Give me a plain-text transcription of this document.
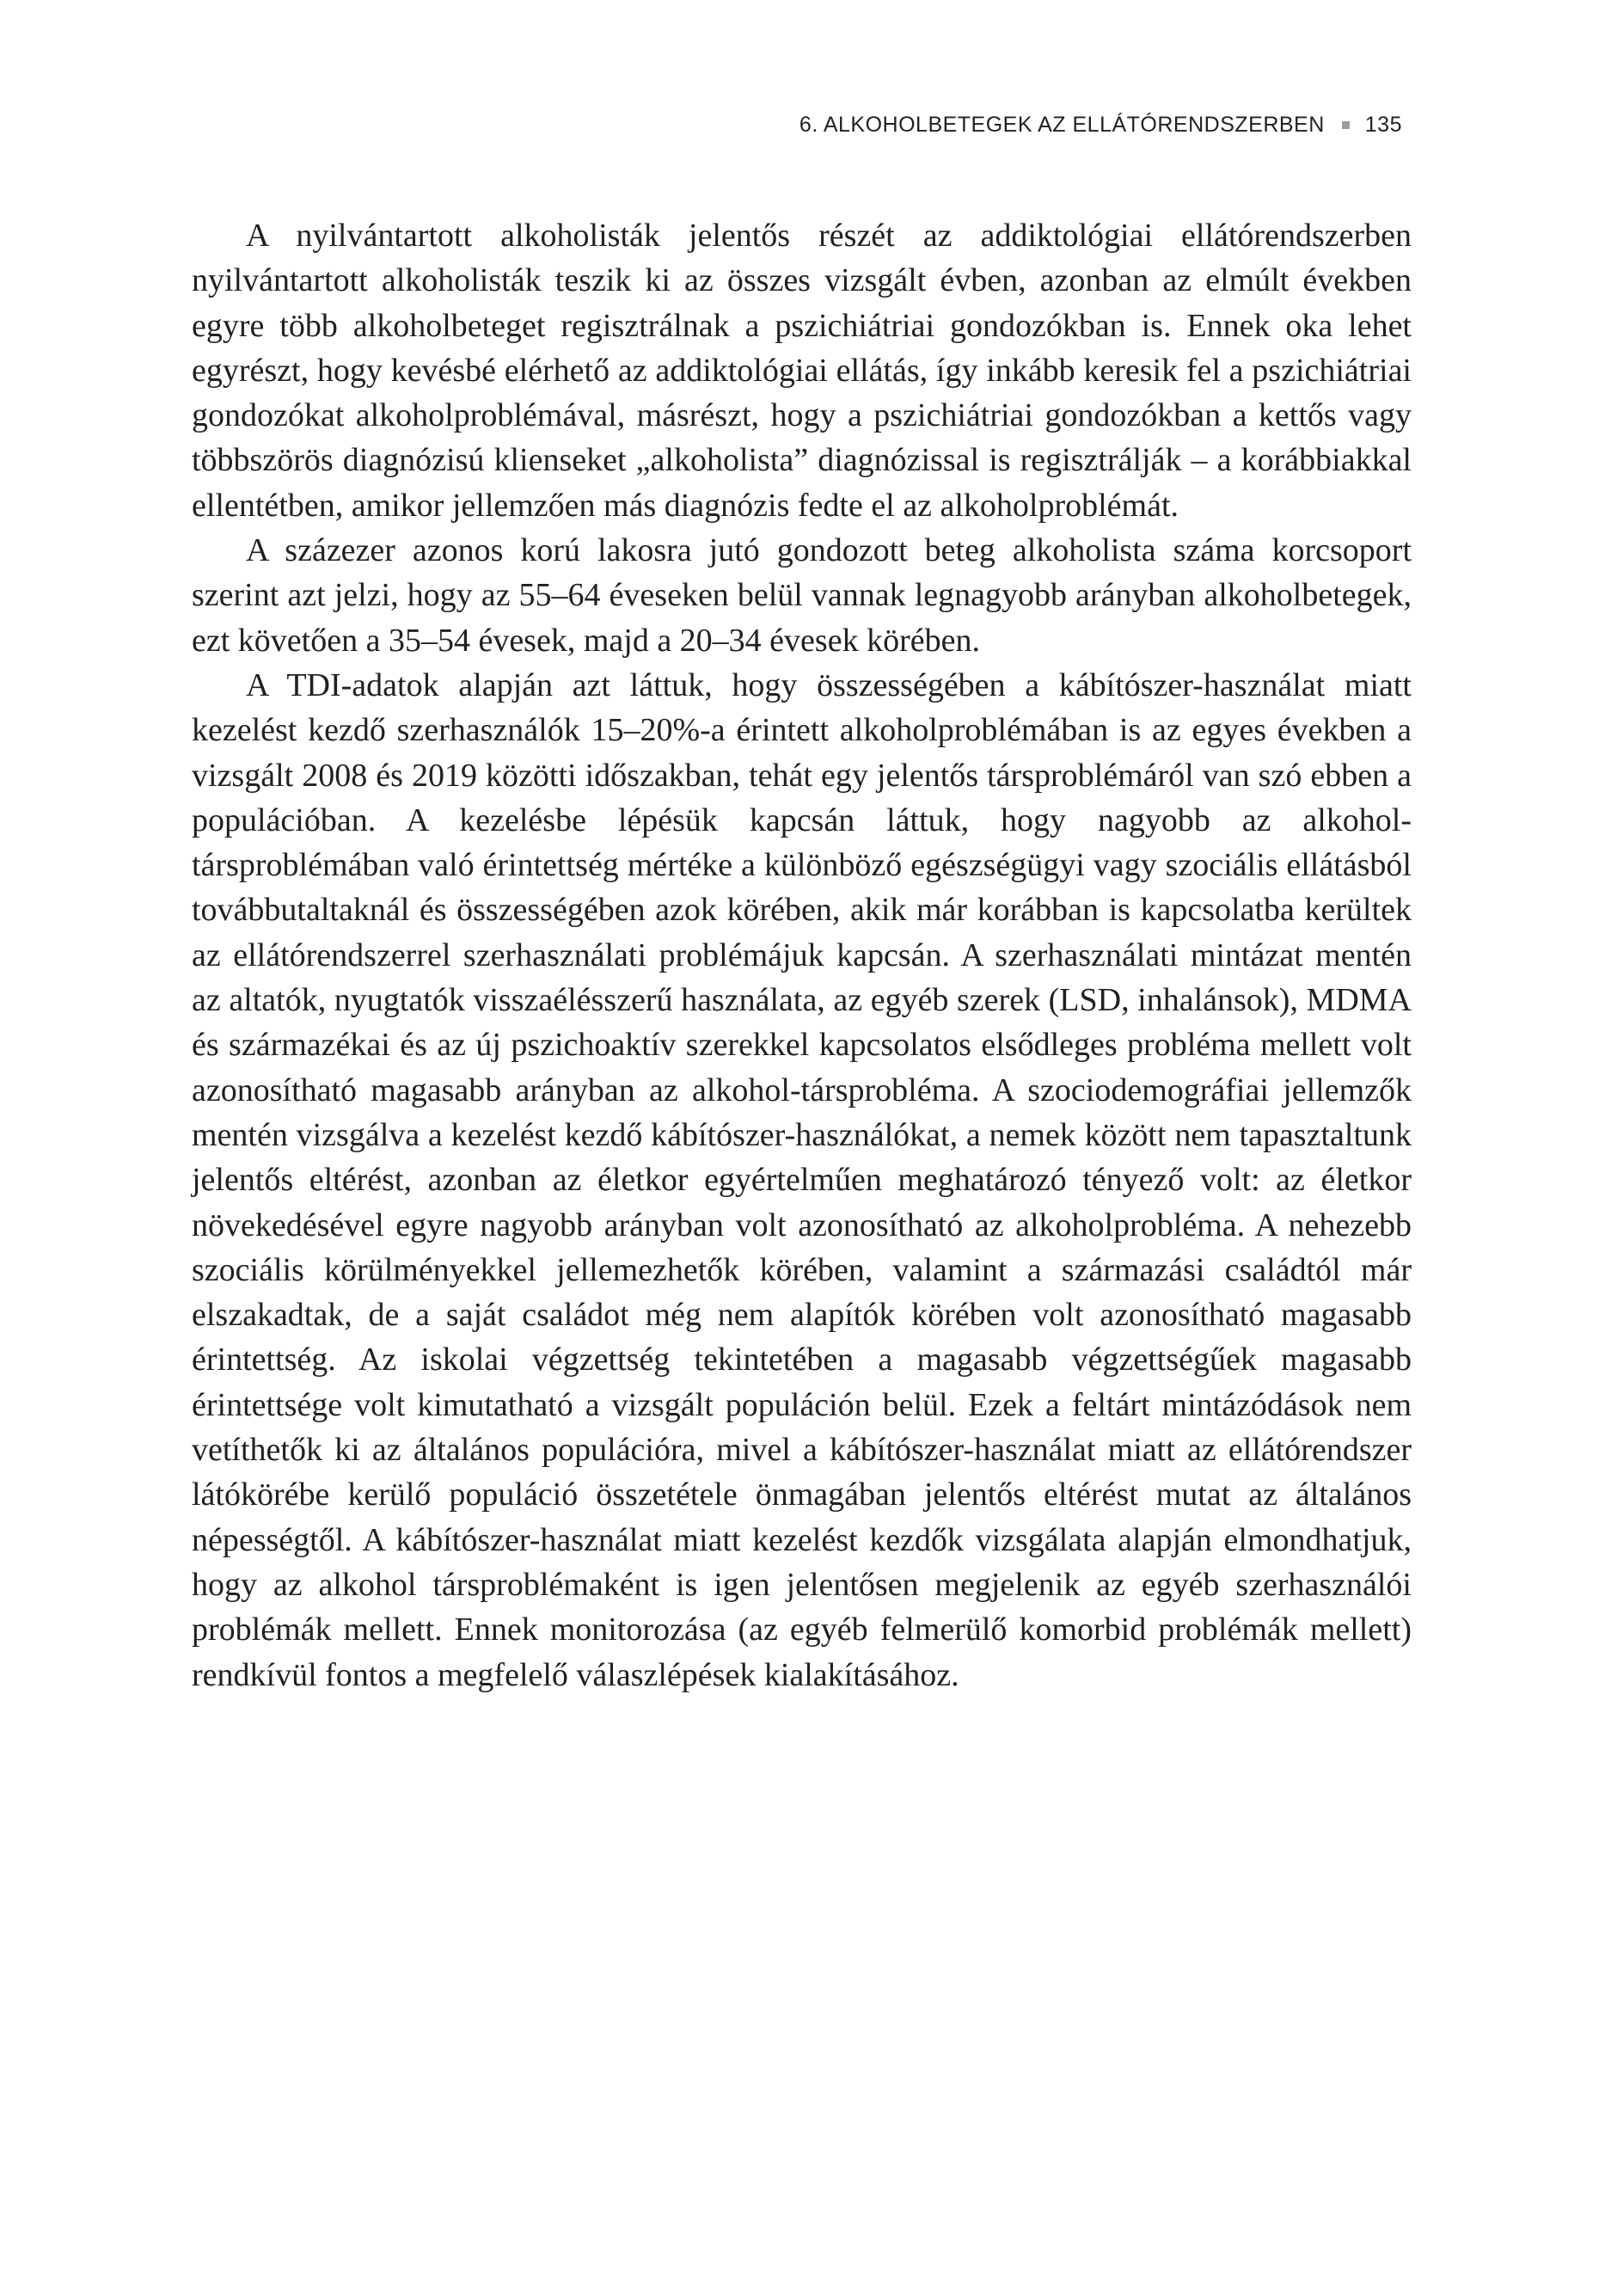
6. ALKOHOLBETEGEK AZ ELLÁTÓRENDSZERBEN 135

A nyilvántartott alkoholisták jelentős részét az addiktológiai ellátórendszerben nyilvántartott alkoholisták teszik ki az összes vizsgált évben, azonban az elmúlt években egyre több alkoholbeteget regisztrálnak a pszichiátriai gondozókban is. Ennek oka lehet egyrészt, hogy kevésbé elérhető az addiktológiai ellátás, így inkább keresik fel a pszichiátriai gondozókat alkoholproblémával, másrészt, hogy a pszichiátriai gondozókban a kettős vagy többszörös diagnózisú klienseket „alkoholista” diagnózissal is regisztrálják – a korábbiakkal ellentétben, amikor jellemzően más diagnózis fedte el az alkoholproblémát.

A százezer azonos korú lakosra jutó gondozott beteg alkoholista száma korcsoport szerint azt jelzi, hogy az 55–64 éveseken belül vannak legnagyobb arányban alkoholbetegek, ezt követően a 35–54 évesek, majd a 20–34 évesek körében.

A TDI-adatok alapján azt láttuk, hogy összességében a kábítószer-használat miatt kezelést kezdő szerhasználók 15–20%-a érintett alkoholproblémában is az egyes években a vizsgált 2008 és 2019 közötti időszakban, tehát egy jelentős társproblémáról van szó ebben a populációban. A kezelésbe lépésük kapcsán láttuk, hogy nagyobb az alkohol-társproblémában való érintettség mértéke a különböző egészségügyi vagy szociális ellátásból továbbutaltaknál és összességében azok körében, akik már korábban is kapcsolatba kerültek az ellátórendszerrel szerhasználati problémájuk kapcsán. A szerhasználati mintázat mentén az altatók, nyugtatók visszaélésszerű használata, az egyéb szerek (LSD, inhalánsok), MDMA és származékai és az új pszichoaktív szerekkel kapcsolatos elsődleges probléma mellett volt azonosítható magasabb arányban az alkohol-társprobléma. A szociodemográfiai jellemzők mentén vizsgálva a kezelést kezdő kábítószer-használókat, a nemek között nem tapasztaltunk jelentős eltérést, azonban az életkor egyértelműen meghatározó tényező volt: az életkor növekedésével egyre nagyobb arányban volt azonosítható az alkoholprobléma. A nehezebb szociális körülményekkel jellemezhetők körében, valamint a származási családtól már elszakadtak, de a saját családot még nem alapítók körében volt azonosítható magasabb érintettség. Az iskolai végzettség tekintetében a magasabb végzettségűek magasabb érintettsége volt kimutatható a vizsgált populáción belül. Ezek a feltárt mintázódások nem vetíthetők ki az általános populációra, mivel a kábítószer-használat miatt az ellátórendszer látókörébe kerülő populáció összetétele önmagában jelentős eltérést mutat az általános népességtől. A kábítószer-használat miatt kezelést kezdők vizsgálata alapján elmondhatjuk, hogy az alkohol társproblémaként is igen jelentősen megjelenik az egyéb szerhasználói problémák mellett. Ennek monitorozása (az egyéb felmerülő komorbid problémák mellett) rendkívül fontos a megfelelő válaszlépések kialakításához.
